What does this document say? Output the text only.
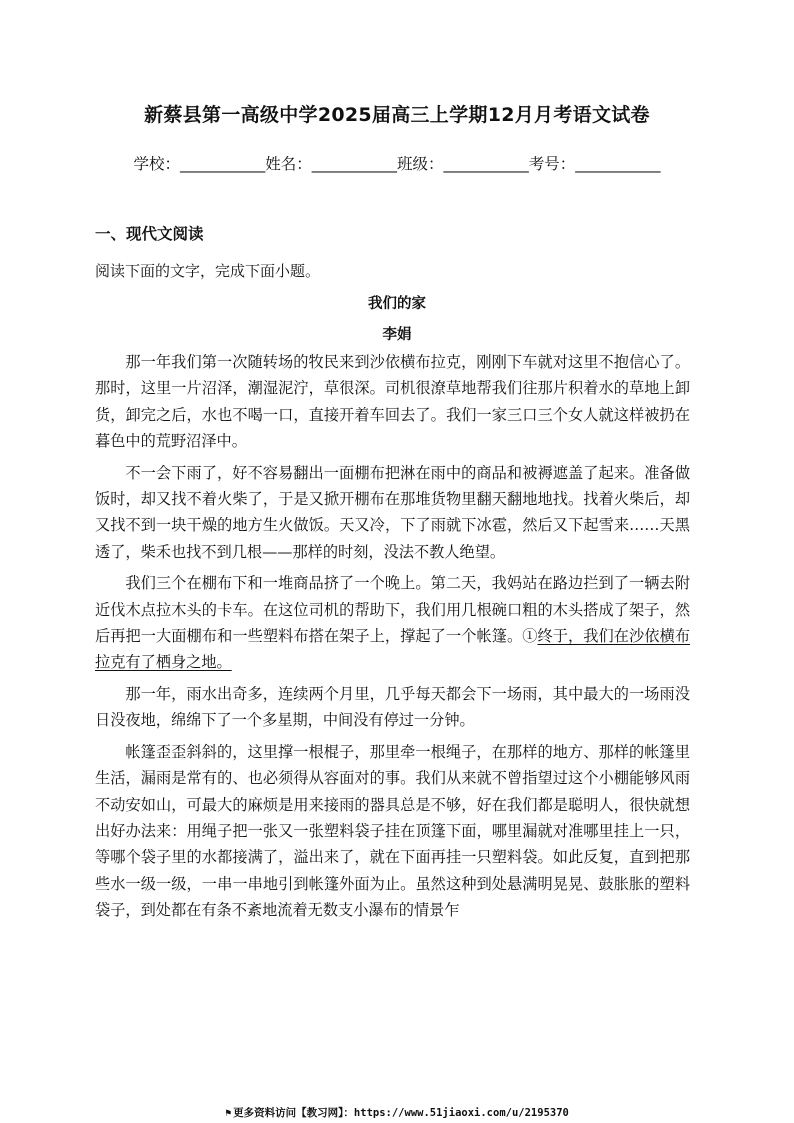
新蔡县第一高级中学2025届高三上学期12月月考语文试卷
学校：___________姓名：___________班级：___________考号：___________
一、现代文阅读
阅读下面的文字，完成下面小题。
我们的家
李娟

那一年我们第一次随转场的牧民来到沙依横布拉克，刚刚下车就对这里不抱信心了。那时，这里一片沼泽，潮湿泥泞，草很深。司机很潦草地帮我们往那片积着水的草地上卸货，卸完之后，水也不喝一口，直接开着车回去了。我们一家三口三个女人就这样被扔在暮色中的荒野沼泽中。

不一会下雨了，好不容易翻出一面棚布把淋在雨中的商品和被褥遮盖了起来。准备做饭时，却又找不着火柴了，于是又掀开棚布在那堆货物里翻天翻地地找。找着火柴后，却又找不到一块干燥的地方生火做饭。天又冷，下了雨就下冰雹，然后又下起雪来……天黑透了，柴禾也找不到几根——那样的时刻，没法不教人绝望。

我们三个在棚布下和一堆商品挤了一个晚上。第二天，我妈站在路边拦到了一辆去附近伐木点拉木头的卡车。在这位司机的帮助下，我们用几根碗口粗的木头搭成了架子，然后再把一大面棚布和一些塑料布搭在架子上，撑起了一个帐篷。①终于，我们在沙依横布拉克有了栖身之地。

那一年，雨水出奇多，连续两个月里，几乎每天都会下一场雨，其中最大的一场雨没日没夜地，绵绵下了一个多星期，中间没有停过一分钟。

帐篷歪歪斜斜的，这里撑一根棍子，那里牵一根绳子，在那样的地方、那样的帐篷里生活，漏雨是常有的、也必须得从容面对的事。我们从来就不曾指望过这个小棚能够风雨不动安如山，可最大的麻烦是用来接雨的器具总是不够，好在我们都是聪明人，很快就想出好办法来：用绳子把一张又一张塑料袋子挂在顶篷下面，哪里漏就对准哪里挂上一只，等哪个袋子里的水都接满了，溢出来了，就在下面再挂一只塑料袋。如此反复，直到把那些水一级一级，一串一串地引到帐篷外面为止。虽然这种到处悬满明晃晃、鼓胀胀的塑料袋子，到处都在有条不紊地流着无数支小瀑布的情景乍

⚑ 更多资料访问【教习网】：https://www.51jiaoxi.com/u/2195370
